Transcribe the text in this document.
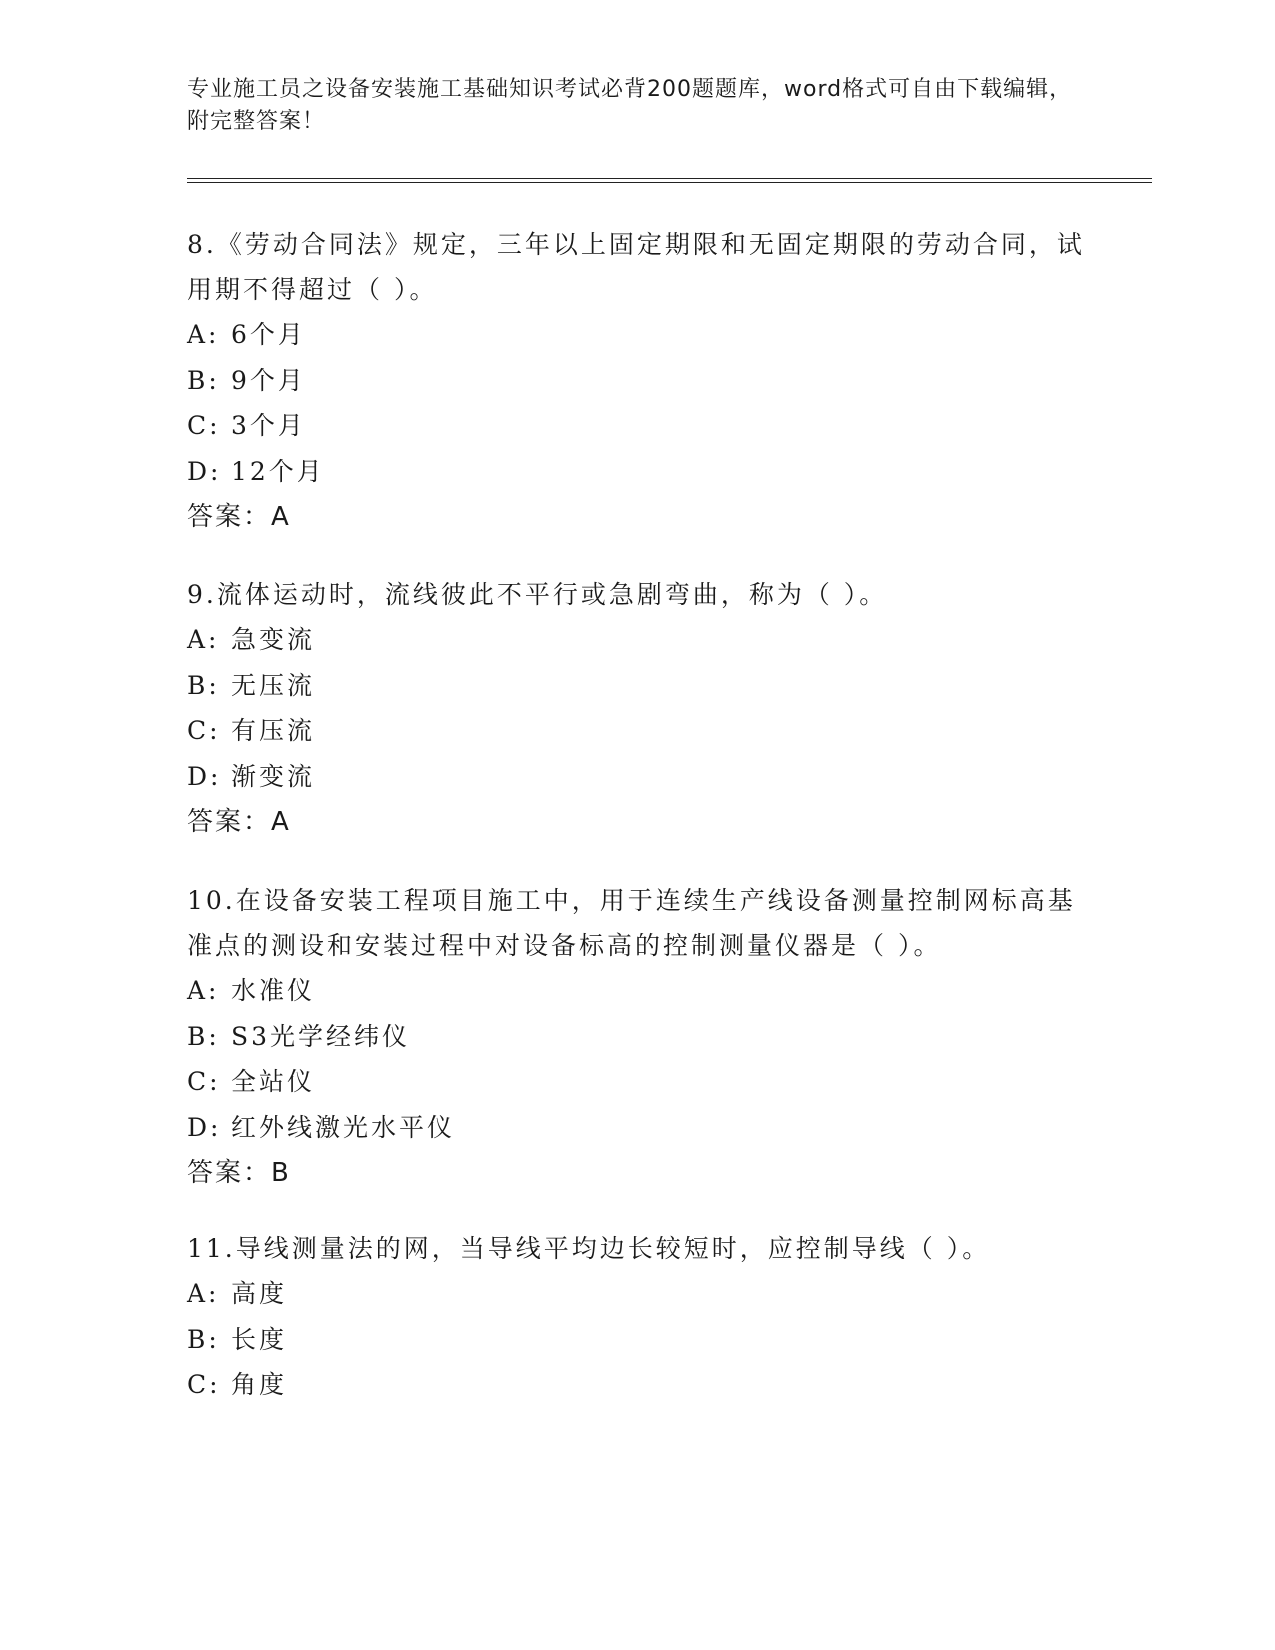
专业施工员之设备安装施工基础知识考试必背200题题库，word格式可自由下载编辑，附完整答案！
8.《劳动合同法》规定，三年以上固定期限和无固定期限的劳动合同，试用期不得超过（ ）。
A: 6个月
B: 9个月
C: 3个月
D: 12个月
答案：A
9.流体运动时，流线彼此不平行或急剧弯曲，称为（ ）。
A: 急变流
B: 无压流
C: 有压流
D: 渐变流
答案：A
10.在设备安装工程项目施工中，用于连续生产线设备测量控制网标高基准点的测设和安装过程中对设备标高的控制测量仪器是（ ）。
A: 水准仪
B: S3光学经纬仪
C: 全站仪
D: 红外线激光水平仪
答案：B
11.导线测量法的网，当导线平均边长较短时，应控制导线（ ）。
A: 高度
B: 长度
C: 角度
